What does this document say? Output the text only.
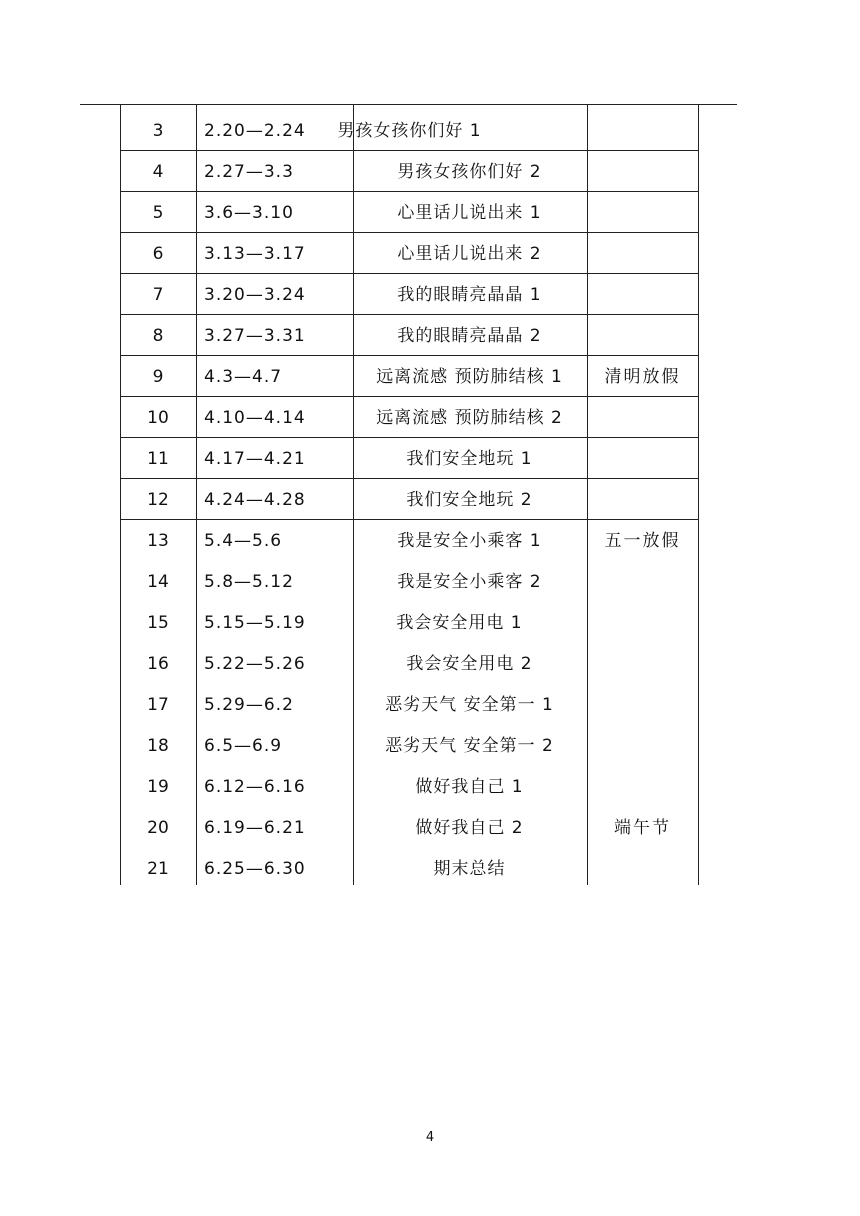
3	2.20—2.24	男孩女孩你们好 1
4	2.27—3.3	男孩女孩你们好 2
5	3.6—3.10	心里话儿说出来 1
6	3.13—3.17	心里话儿说出来 2
7	3.20—3.24	我的眼睛亮晶晶 1
8	3.27—3.31	我的眼睛亮晶晶 2
9	4.3—4.7	远离流感 预防肺结核 1	清明放假
10	4.10—4.14	远离流感 预防肺结核 2
11	4.17—4.21	我们安全地玩 1
12	4.24—4.28	我们安全地玩 2
13	5.4—5.6	我是安全小乘客 1	五一放假
14	5.8—5.12	我是安全小乘客 2
15	5.15—5.19	我会安全用电 1
16	5.22—5.26	我会安全用电 2
17	5.29—6.2	恶劣天气 安全第一 1
18	6.5—6.9	恶劣天气 安全第一 2
19	6.12—6.16	做好我自己 1
20	6.19—6.21	做好我自己 2	端午节
21	6.25—6.30	期末总结
4
